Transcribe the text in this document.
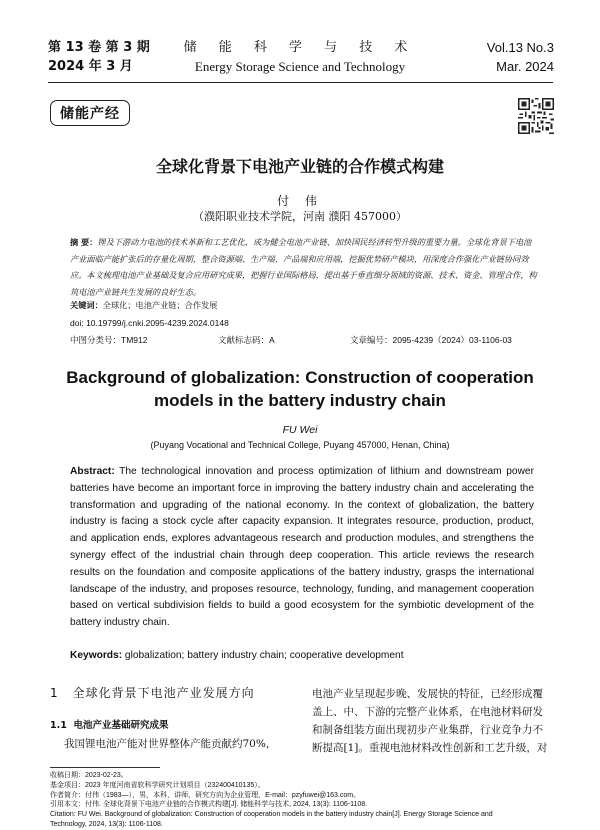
第 13 卷 第 3 期
2024 年 3 月
储 能 科 学 与 技 术
Energy Storage Science and Technology
Vol.13 No.3
Mar. 2024
储能产经
全球化背景下电池产业链的合作模式构建
付 伟
（濮阳职业技术学院，河南 濮阳 457000）
摘 要：锂及下游动力电池的技术革新和工艺优化，成为健全电池产业链、加快国民经济转型升级的重要力量。全球化背景下电池产业面临产能扩张后的存量化周期，整合资源端、生产端、产品端和应用端，挖掘优势研产模块，用深度合作强化产业链协同效应。本文梳理电池产业基础及复合应用研究成果，把握行业国际格局，提出基于垂直细分领域的资源、技术、资金、管理合作，构筑电池产业链共生发展的良好生态。
关键词：全球化；电池产业链；合作发展
doi: 10.19799/j.cnki.2095-4239.2024.0148
中图分类号：TM912	文献标志码：A	文章编号：2095-4239（2024）03-1106-03
Background of globalization: Construction of cooperation
models in the battery industry chain
FU Wei
(Puyang Vocational and Technical College, Puyang 457000, Henan, China)
Abstract: The technological innovation and process optimization of lithium and downstream power batteries have become an important force in improving the battery industry chain and accelerating the transformation and upgrading of the national economy. In the context of globalization, the battery industry is facing a stock cycle after capacity expansion. It integrates resource, production, product, and application ends, explores advantageous research and production modules, and strengthens the synergy effect of the industrial chain through deep cooperation. This article reviews the research results on the foundation and composite applications of the battery industry, grasps the international landscape of the industry, and proposes resource, technology, funding, and management cooperation based on vertical subdivision fields to build a good ecosystem for the symbiotic development of the battery industry chain.
Keywords: globalization; battery industry chain; cooperative development
1 全球化背景下电池产业发展方向
1.1 电池产业基础研究成果
我国锂电池产能对世界整体产能贡献约70%，
电池产业呈现起步晚、发展快的特征，已经形成覆
盖上、中、下游的完整产业体系，在电池材料研发
和制备组装方面出现初步产业集群，行业竞争力不
断提高[1]。重视电池材料改性创新和工艺升级，对
收稿日期：2023-02-23。
基金项目：2023 年度河南省软科学研究计划项目（232400410135）。
作者简介：付伟（1983—），男，本科，讲师，研究方向为企业管理，E-mail：pzyfuwei@163.com。
引用本文：付伟. 全球化背景下电池产业链的合作模式构建[J]. 储能科学与技术, 2024, 13(3): 1106-1108.
Citation: FU Wei. Background of globalization: Construction of cooperation models in the battery industry chain[J]. Energy Storage Science and
Technology, 2024, 13(3): 1106-1108.
